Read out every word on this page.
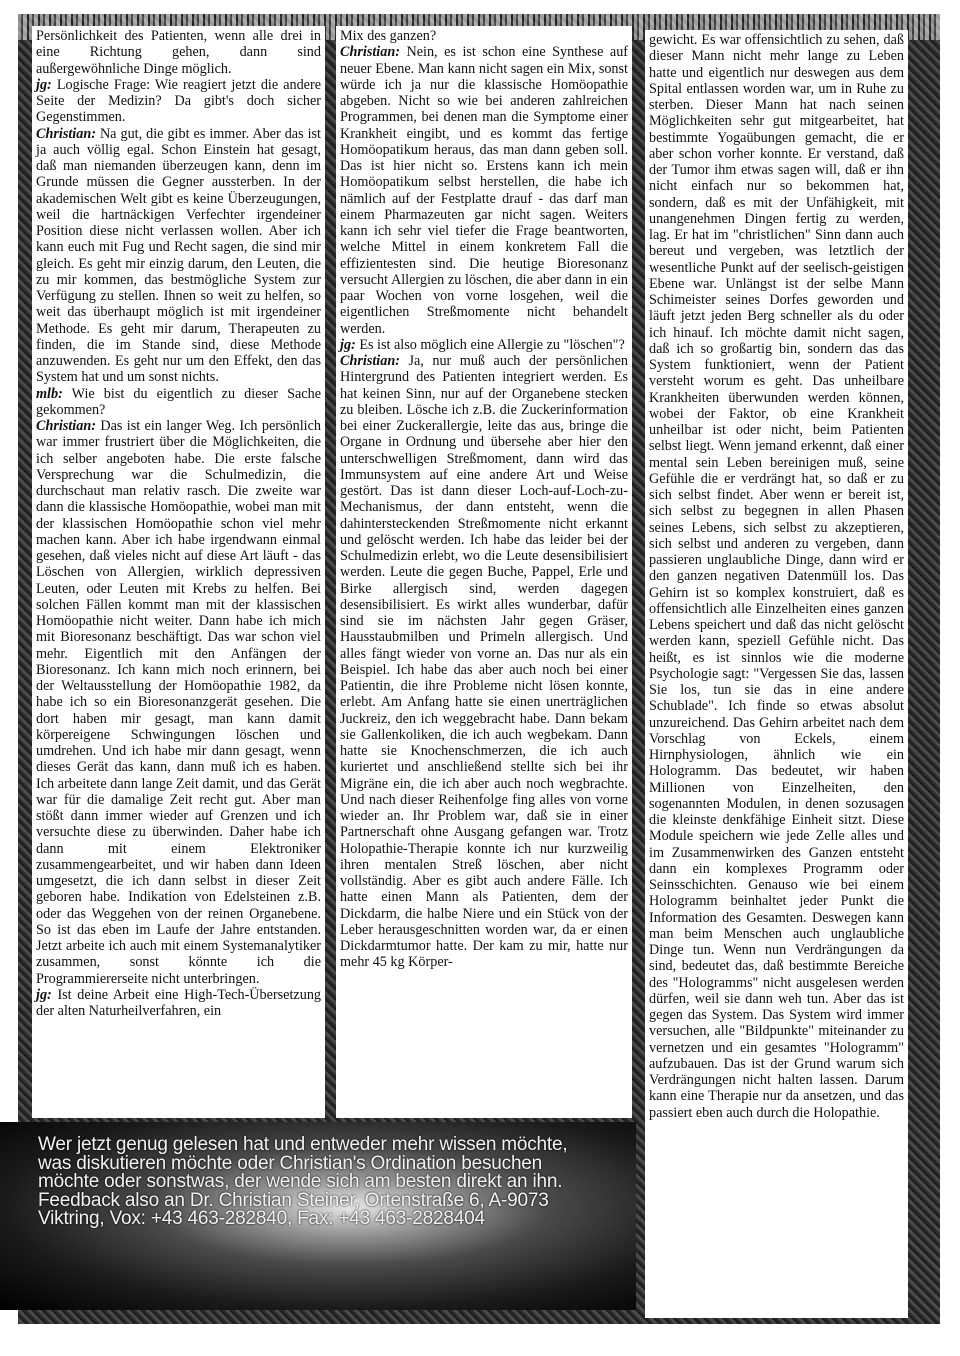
Persönlichkeit des Patienten, wenn alle drei in eine Richtung gehen, dann sind außergewöhnliche Dinge möglich.

jg: Logische Frage: Wie reagiert jetzt die andere Seite der Medizin? Da gibt's doch sicher Gegenstimmen.

Christian: Na gut, die gibt es immer. Aber das ist ja auch völlig egal. Schon Einstein hat gesagt, daß man niemanden überzeugen kann, denn im Grunde müssen die Gegner aussterben. In der akademischen Welt gibt es keine Überzeugungen, weil die hartnäckigen Verfechter irgendeiner Position diese nicht verlassen wollen. Aber ich kann euch mit Fug und Recht sagen, die sind mir gleich. Es geht mir einzig darum, den Leuten, die zu mir kommen, das bestmögliche System zur Verfügung zu stellen. Ihnen so weit zu helfen, so weit das überhaupt möglich ist mit irgendeiner Methode. Es geht mir darum, Therapeuten zu finden, die im Stande sind, diese Methode anzuwenden. Es geht nur um den Effekt, den das System hat und um sonst nichts.

mlb: Wie bist du eigentlich zu dieser Sache gekommen?

Christian: Das ist ein langer Weg. Ich persönlich war immer frustriert über die Möglichkeiten, die ich selber angeboten habe. Die erste falsche Versprechung war die Schulmedizin, die durchschaut man relativ rasch. Die zweite war dann die klassische Homöopathie, wobei man mit der klassischen Homöopathie schon viel mehr machen kann. Aber ich habe irgendwann einmal gesehen, daß vieles nicht auf diese Art läuft - das Löschen von Allergien, wirklich depressiven Leuten, oder Leuten mit Krebs zu helfen. Bei solchen Fällen kommt man mit der klassischen Homöopathie nicht weiter. Dann habe ich mich mit Bioresonanz beschäftigt. Das war schon viel mehr. Eigentlich mit den Anfängen der Bioresonanz. Ich kann mich noch erinnern, bei der Weltausstellung der Homöopathie 1982, da habe ich so ein Bioresonanzgerät gesehen. Die dort haben mir gesagt, man kann damit körpereigene Schwingungen löschen und umdrehen. Und ich habe mir dann gesagt, wenn dieses Gerät das kann, dann muß ich es haben. Ich arbeitete dann lange Zeit damit, und das Gerät war für die damalige Zeit recht gut. Aber man stößt dann immer wieder auf Grenzen und ich versuchte diese zu überwinden. Daher habe ich dann mit einem Elektroniker zusammengearbeitet, und wir haben dann Ideen umgesetzt, die ich dann selbst in dieser Zeit geboren habe. Indikation von Edelsteinen z.B. oder das Weggehen von der reinen Organebene. So ist das eben im Laufe der Jahre entstanden. Jetzt arbeite ich auch mit einem Systemanalytiker zusammen, sonst könnte ich die Programmiererseite nicht unterbringen.

jg: Ist deine Arbeit eine High-Tech-Übersetzung der alten Naturheilverfahren, ein

Mix des ganzen?

Christian: Nein, es ist schon eine Synthese auf neuer Ebene. Man kann nicht sagen ein Mix, sonst würde ich ja nur die klassische Homöopathie abgeben. Nicht so wie bei anderen zahlreichen Programmen, bei denen man die Symptome einer Krankheit eingibt, und es kommt das fertige Homöopatikum heraus, das man dann geben soll. Das ist hier nicht so. Erstens kann ich mein Homöopatikum selbst herstellen, die habe ich nämlich auf der Festplatte drauf - das darf man einem Pharmazeuten gar nicht sagen. Weiters kann ich sehr viel tiefer die Frage beantworten, welche Mittel in einem konkretem Fall die effizientesten sind. Die heutige Bioresonanz versucht Allergien zu löschen, die aber dann in ein paar Wochen von vorne losgehen, weil die eigentlichen Streßmomente nicht behandelt werden.

jg: Es ist also möglich eine Allergie zu "löschen"?

Christian: Ja, nur muß auch der persönlichen Hintergrund des Patienten integriert werden. Es hat keinen Sinn, nur auf der Organebene stecken zu bleiben. Lösche ich z.B. die Zuckerinformation bei einer Zuckerallergie, leite das aus, bringe die Organe in Ordnung und übersehe aber hier den unterschwelligen Streßmoment, dann wird das Immunsystem auf eine andere Art und Weise gestört. Das ist dann dieser Loch-auf-Loch-zu-Mechanismus, der dann entsteht, wenn die dahintersteckenden Streßmomente nicht erkannt und gelöscht werden. Ich habe das leider bei der Schulmedizin erlebt, wo die Leute desensibilisiert werden. Leute die gegen Buche, Pappel, Erle und Birke allergisch sind, werden dagegen desensibilisiert. Es wirkt alles wunderbar, dafür sind sie im nächsten Jahr gegen Gräser, Hausstaubmilben und Primeln allergisch. Und alles fängt wieder von vorne an. Das nur als ein Beispiel. Ich habe das aber auch noch bei einer Patientin, die ihre Probleme nicht lösen konnte, erlebt. Am Anfang hatte sie einen unerträglichen Juckreiz, den ich weggebracht habe. Dann bekam sie Gallenkoliken, die ich auch wegbekam. Dann hatte sie Knochenschmerzen, die ich auch kuriertet und anschließend stellte sich bei ihr Migräne ein, die ich aber auch noch wegbrachte. Und nach dieser Reihenfolge fing alles von vorne wieder an. Ihr Problem war, daß sie in einer Partnerschaft ohne Ausgang gefangen war. Trotz Holopathie-Therapie konnte ich nur kurzweilig ihren mentalen Streß löschen, aber nicht vollständig. Aber es gibt auch andere Fälle. Ich hatte einen Mann als Patienten, dem der Dickdarm, die halbe Niere und ein Stück von der Leber herausgeschnitten worden war, da er einen Dickdarmtumor hatte. Der kam zu mir, hatte nur mehr 45 kg Körper-

gewicht. Es war offensichtlich zu sehen, daß dieser Mann nicht mehr lange zu Leben hatte und eigentlich nur deswegen aus dem Spital entlassen worden war, um in Ruhe zu sterben. Dieser Mann hat nach seinen Möglichkeiten sehr gut mitgearbeitet, hat bestimmte Yogaübungen gemacht, die er aber schon vorher konnte. Er verstand, daß der Tumor ihm etwas sagen will, daß er ihn nicht einfach nur so bekommen hat, sondern, daß es mit der Unfähigkeit, mit unangenehmen Dingen fertig zu werden, lag. Er hat im "christlichen" Sinn dann auch bereut und vergeben, was letztlich der wesentliche Punkt auf der seelisch-geistigen Ebene war. Unlängst ist der selbe Mann Schimeister seines Dorfes geworden und läuft jetzt jeden Berg schneller als du oder ich hinauf. Ich möchte damit nicht sagen, daß ich so großartig bin, sondern das das System funktioniert, wenn der Patient versteht worum es geht. Das unheilbare Krankheiten überwunden werden können, wobei der Faktor, ob eine Krankheit unheilbar ist oder nicht, beim Patienten selbst liegt. Wenn jemand erkennt, daß einer mental sein Leben bereinigen muß, seine Gefühle die er verdrängt hat, so daß er zu sich selbst findet. Aber wenn er bereit ist, sich selbst zu begegnen in allen Phasen seines Lebens, sich selbst zu akzeptieren, sich selbst und anderen zu vergeben, dann passieren unglaubliche Dinge, dann wird er den ganzen negativen Datenmüll los. Das Gehirn ist so komplex konstruiert, daß es offensichtlich alle Einzelheiten eines ganzen Lebens speichert und daß das nicht gelöscht werden kann, speziell Gefühle nicht. Das heißt, es ist sinnlos wie die moderne Psychologie sagt: "Vergessen Sie das, lassen Sie los, tun sie das in eine andere Schublade". Ich finde so etwas absolut unzureichend. Das Gehirn arbeitet nach dem Vorschlag von Eckels, einem Hirnphysiologen, ähnlich wie ein Hologramm. Das bedeutet, wir haben Millionen von Einzelheiten, den sogenannten Modulen, in denen sozusagen die kleinste denkfähige Einheit sitzt. Diese Module speichern wie jede Zelle alles und im Zusammenwirken des Ganzen entsteht dann ein komplexes Programm oder Seinsschichten. Genauso wie bei einem Hologramm beinhaltet jeder Punkt die Information des Gesamten. Deswegen kann man beim Menschen auch unglaubliche Dinge tun. Wenn nun Verdrängungen da sind, bedeutet das, daß bestimmte Bereiche des "Hologramms" nicht ausgelesen werden dürfen, weil sie dann weh tun. Aber das ist gegen das System. Das System wird immer versuchen, alle "Bildpunkte" miteinander zu vernetzen und ein gesamtes "Hologramm" aufzubauen. Das ist der Grund warum sich Verdrängungen nicht halten lassen. Darum kann eine Therapie nur da ansetzen, und das passiert eben auch durch die Holopathie.

Wer jetzt genug gelesen hat und entweder mehr wissen möchte, was diskutieren möchte oder Christian's Ordination besuchen möchte oder sonstwas, der wende sich am besten direkt an ihn. Feedback also an Dr. Christian Steiner, Ortenstraße 6, A-9073 Viktring, Vox: +43 463-282840, Fax: +43 463-2828404
